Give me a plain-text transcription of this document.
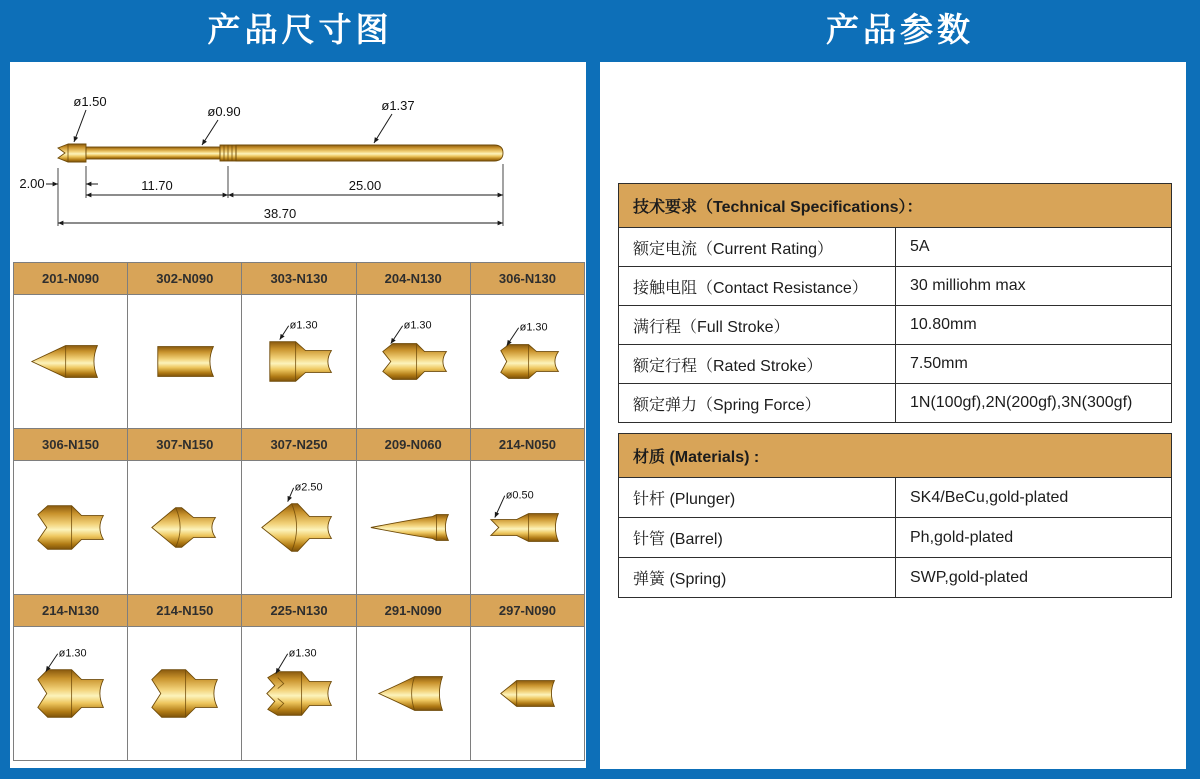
产品尺寸图	产品参数
ø1.50
ø0.90	ø1.37
2.00	11.70	25.00
38.70
201-N090	302-N090	303-N130	204-N130	306-N130
ø1.30	ø1.30	ø1.30
306-N150	307-N150	307-N250	209-N060	214-N050
ø2.50
ø0.50
214-N130	214-N150	225-N130	291-N090	297-N090
ø1.30	ø1.30
技术要求（Technical Specifications）：
额定电流（Current Rating）	5A
接触电阻（Contact Resistance）	30 milliohm max
满行程（Full Stroke）	10.80mm
额定行程（Rated Stroke）	7.50mm
额定弹力（Spring Force）	1N(100gf),2N(200gf),3N(300gf)
材质 (Materials) :
针杆 (Plunger)	SK4/BeCu,gold-plated
针管 (Barrel)	Ph,gold-plated
弹簧 (Spring)	SWP,gold-plated
